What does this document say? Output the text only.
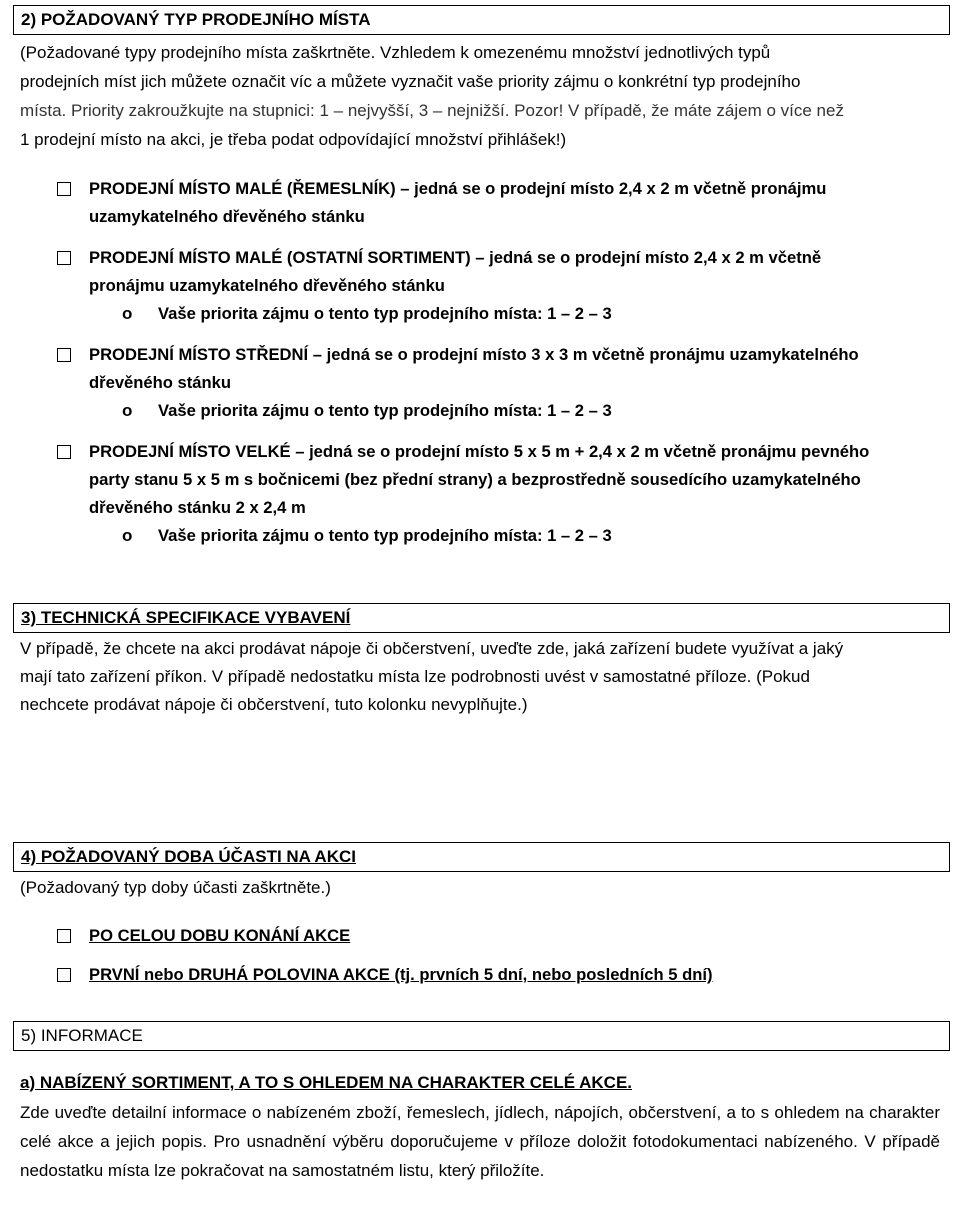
2) POŽADOVANÝ TYP PRODEJNÍHO MÍSTA
(Požadované typy prodejního místa zaškrtněte. Vzhledem k omezenému množství jednotlivých typů
prodejních míst jich můžete označit víc a můžete vyznačit vaše priority zájmu o konkrétní typ prodejního
místa. Priority zakroužkujte na stupnici: 1 – nejvyšší, 3 – nejnižší. Pozor! V případě, že máte zájem o více než
1 prodejní místo na akci, je třeba podat odpovídající množství přihlášek!)
PRODEJNÍ MÍSTO MALÉ (ŘEMESLNÍK) – jedná se o prodejní místo 2,4 x 2 m včetně pronájmu
uzamykatelného dřevěného stánku
PRODEJNÍ MÍSTO MALÉ (OSTATNÍ SORTIMENT) – jedná se o prodejní místo 2,4 x 2 m včetně
pronájmu uzamykatelného dřevěného stánku
o Vaše priorita zájmu o tento typ prodejního místa: 1 – 2 – 3
PRODEJNÍ MÍSTO STŘEDNÍ – jedná se o prodejní místo 3 x 3 m včetně pronájmu uzamykatelného
dřevěného stánku
o Vaše priorita zájmu o tento typ prodejního místa: 1 – 2 – 3
PRODEJNÍ MÍSTO VELKÉ – jedná se o prodejní místo 5 x 5 m + 2,4 x 2 m včetně pronájmu pevného
party stanu 5 x 5 m s bočnicemi (bez přední strany) a bezprostředně sousedícího uzamykatelného
dřevěného stánku 2 x 2,4 m
o Vaše priorita zájmu o tento typ prodejního místa: 1 – 2 – 3
3) TECHNICKÁ SPECIFIKACE VYBAVENÍ
V případě, že chcete na akci prodávat nápoje či občerstvení, uveďte zde, jaká zařízení budete využívat a jaký
mají tato zařízení příkon. V případě nedostatku místa lze podrobnosti uvést v samostatné příloze. (Pokud
nechcete prodávat nápoje či občerstvení, tuto kolonku nevyplňujte.)
4) POŽADOVANÝ DOBA ÚČASTI NA AKCI
(Požadovaný typ doby účasti zaškrtněte.)
PO CELOU DOBU KONÁNÍ AKCE
PRVNÍ nebo DRUHÁ POLOVINA AKCE (tj. prvních 5 dní, nebo posledních 5 dní)
5) INFORMACE
a) NABÍZENÝ SORTIMENT, A TO S OHLEDEM NA CHARAKTER CELÉ AKCE.
Zde uveďte detailní informace o nabízeném zboží, řemeslech, jídlech, nápojích, občerstvení, a to s ohledem na charakter celé akce a jejich popis. Pro usnadnění výběru doporučujeme v příloze doložit fotodokumentaci nabízeného. V případě nedostatku místa lze pokračovat na samostatném listu, který přiložíte.
